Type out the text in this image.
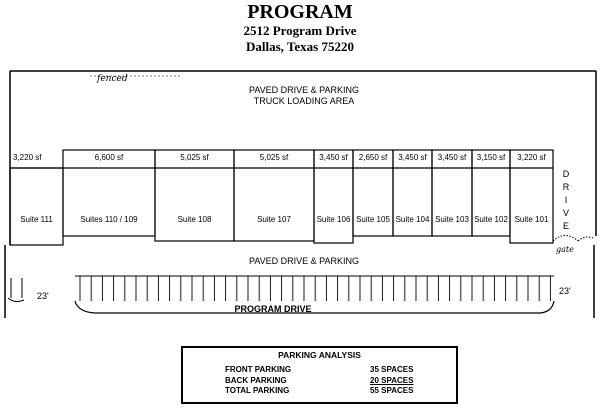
PROGRAM
2512 Program Drive
Dallas, Texas 75220
PAVED DRIVE & PARKING
TRUCK LOADING AREA
3,220 sf
Suite 111
6,600 sf
Suites 110 / 109
5,025 sf
Suite 108
5,025 sf
Suite 107
3,450 sf
Suite 106
2,650 sf
Suite 105
3,450 sf
Suite 104
3,450 sf
Suite 103
3,150 sf
Suite 102
3,220 sf
Suite 101
D
R
I
V
E
PAVED DRIVE & PARKING
23'	23'
PROGRAM DRIVE
fenced
gate
PARKING ANALYSIS
FRONT PARKING	35 SPACES
BACK PARKING	20 SPACES
TOTAL PARKING	55 SPACES
